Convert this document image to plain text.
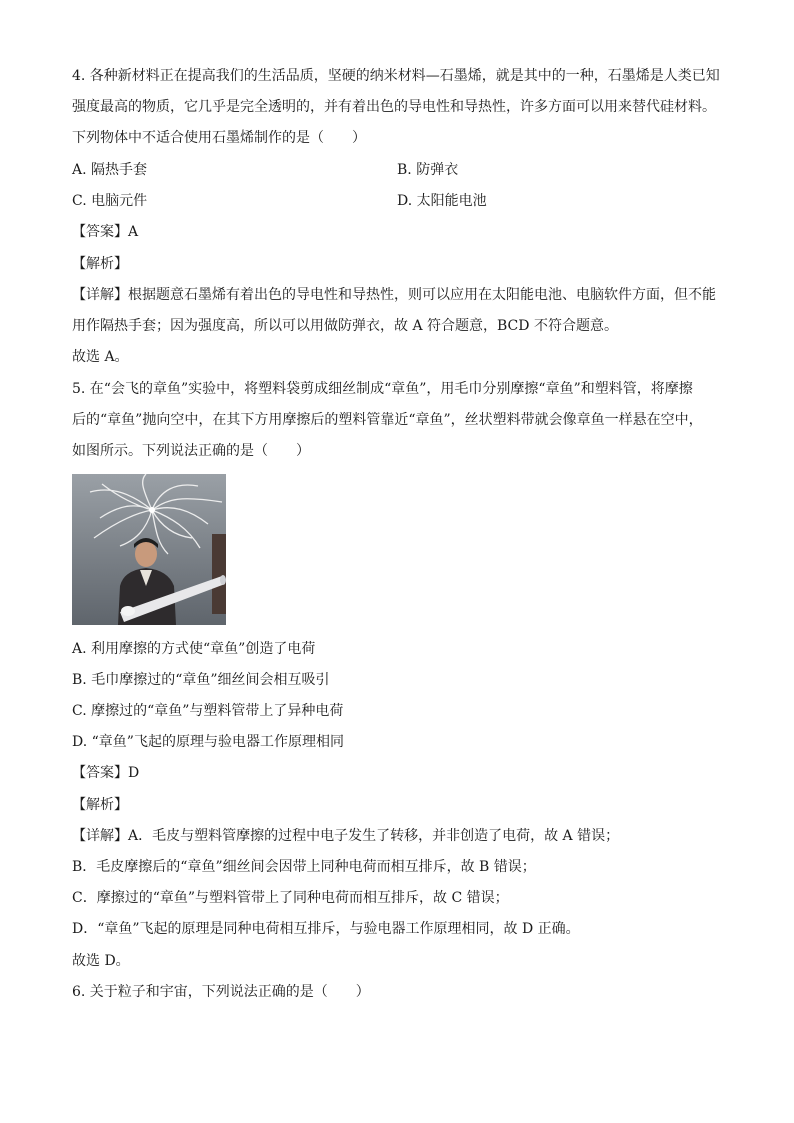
4. 各种新材料正在提高我们的生活品质，坚硬的纳米材料—石墨烯，就是其中的一种，石墨烯是人类已知
强度最高的物质，它几乎是完全透明的，并有着出色的导电性和导热性，许多方面可以用来替代硅材料。
下列物体中不适合使用石墨烯制作的是（　　）
A. 隔热手套	B. 防弹衣
C. 电脑元件	D. 太阳能电池
【答案】A
【解析】
【详解】根据题意石墨烯有着出色的导电性和导热性，则可以应用在太阳能电池、电脑软件方面，但不能
用作隔热手套；因为强度高，所以可以用做防弹衣，故 A 符合题意，BCD 不符合题意。
故选 A。
5. 在“会飞的章鱼”实验中，将塑料袋剪成细丝制成“章鱼”，用毛巾分别摩擦“章鱼”和塑料管，将摩擦
后的“章鱼”抛向空中，在其下方用摩擦后的塑料管靠近“章鱼”，丝状塑料带就会像章鱼一样悬在空中，
如图所示。下列说法正确的是（　　）
A. 利用摩擦的方式使“章鱼”创造了电荷
B. 毛巾摩擦过的“章鱼”细丝间会相互吸引
C. 摩擦过的“章鱼”与塑料管带上了异种电荷
D. “章鱼”飞起的原理与验电器工作原理相同
【答案】D
【解析】
【详解】A．毛皮与塑料管摩擦的过程中电子发生了转移，并非创造了电荷，故 A 错误；
B．毛皮摩擦后的“章鱼”细丝间会因带上同种电荷而相互排斥，故 B 错误；
C．摩擦过的“章鱼”与塑料管带上了同种电荷而相互排斥，故 C 错误；
D．“章鱼”飞起的原理是同种电荷相互排斥，与验电器工作原理相同，故 D 正确。
故选 D。
6. 关于粒子和宇宙，下列说法正确的是（　　）
